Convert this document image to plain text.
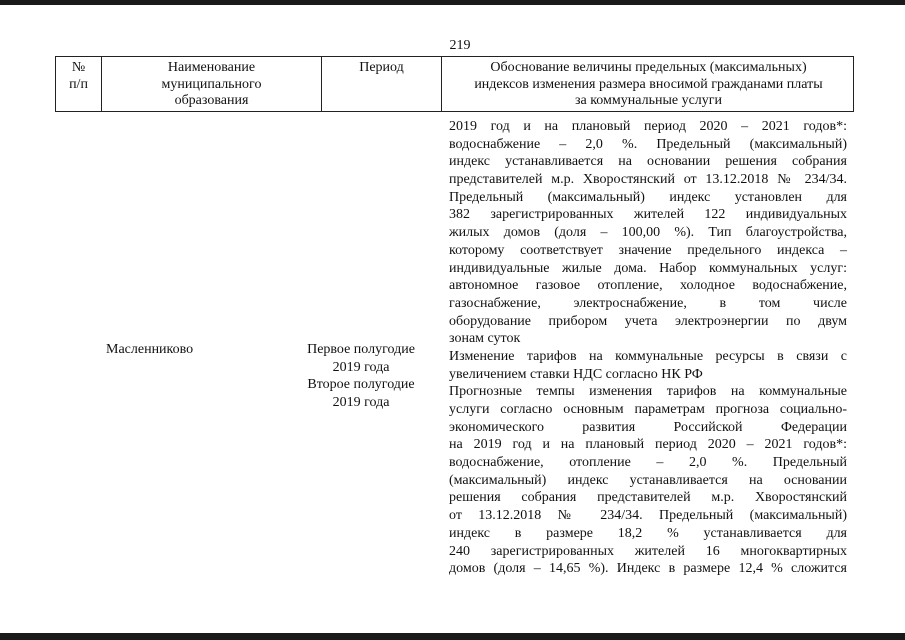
219
№
п/п
Наименование
муниципального
образования
Период	Обоснование величины предельных (максимальных)
индексов изменения размера вносимой гражданами платы
за коммунальные услуги
2019 год и на плановый период 2020 – 2021 годов*:
водоснабжение – 2,0 %. Предельный (максимальный)
индекс устанавливается на основании решения собрания
представителей м.р. Хворостянский от 13.12.2018 № 234/34.
Предельный (максимальный) индекс установлен для
382 зарегистрированных жителей 122 индивидуальных
жилых домов (доля – 100,00 %). Тип благоустройства,
которому соответствует значение предельного индекса –
индивидуальные жилые дома. Набор коммунальных услуг:
автономное газовое отопление, холодное водоснабжение,
газоснабжение, электроснабжение, в том числе
оборудование прибором учета электроэнергии по двум
зонам суток
Изменение тарифов на коммунальные ресурсы в связи с
увеличением ставки НДС согласно НК РФ
Прогнозные темпы изменения тарифов на коммунальные
услуги согласно основным параметрам прогноза социально-
экономического развития Российской Федерации
на 2019 год и на плановый период 2020 – 2021 годов*:
водоснабжение, отопление – 2,0 %. Предельный
(максимальный) индекс устанавливается на основании
решения собрания представителей м.р. Хворостянский
от 13.12.2018 № 234/34. Предельный (максимальный)
индекс в размере 18,2 % устанавливается для
240 зарегистрированных жителей 16 многоквартирных
домов (доля – 14,65 %). Индекс в размере 12,4 % сложится
Масленниково	Первое полугодие
2019 года
Второе полугодие
2019 года
